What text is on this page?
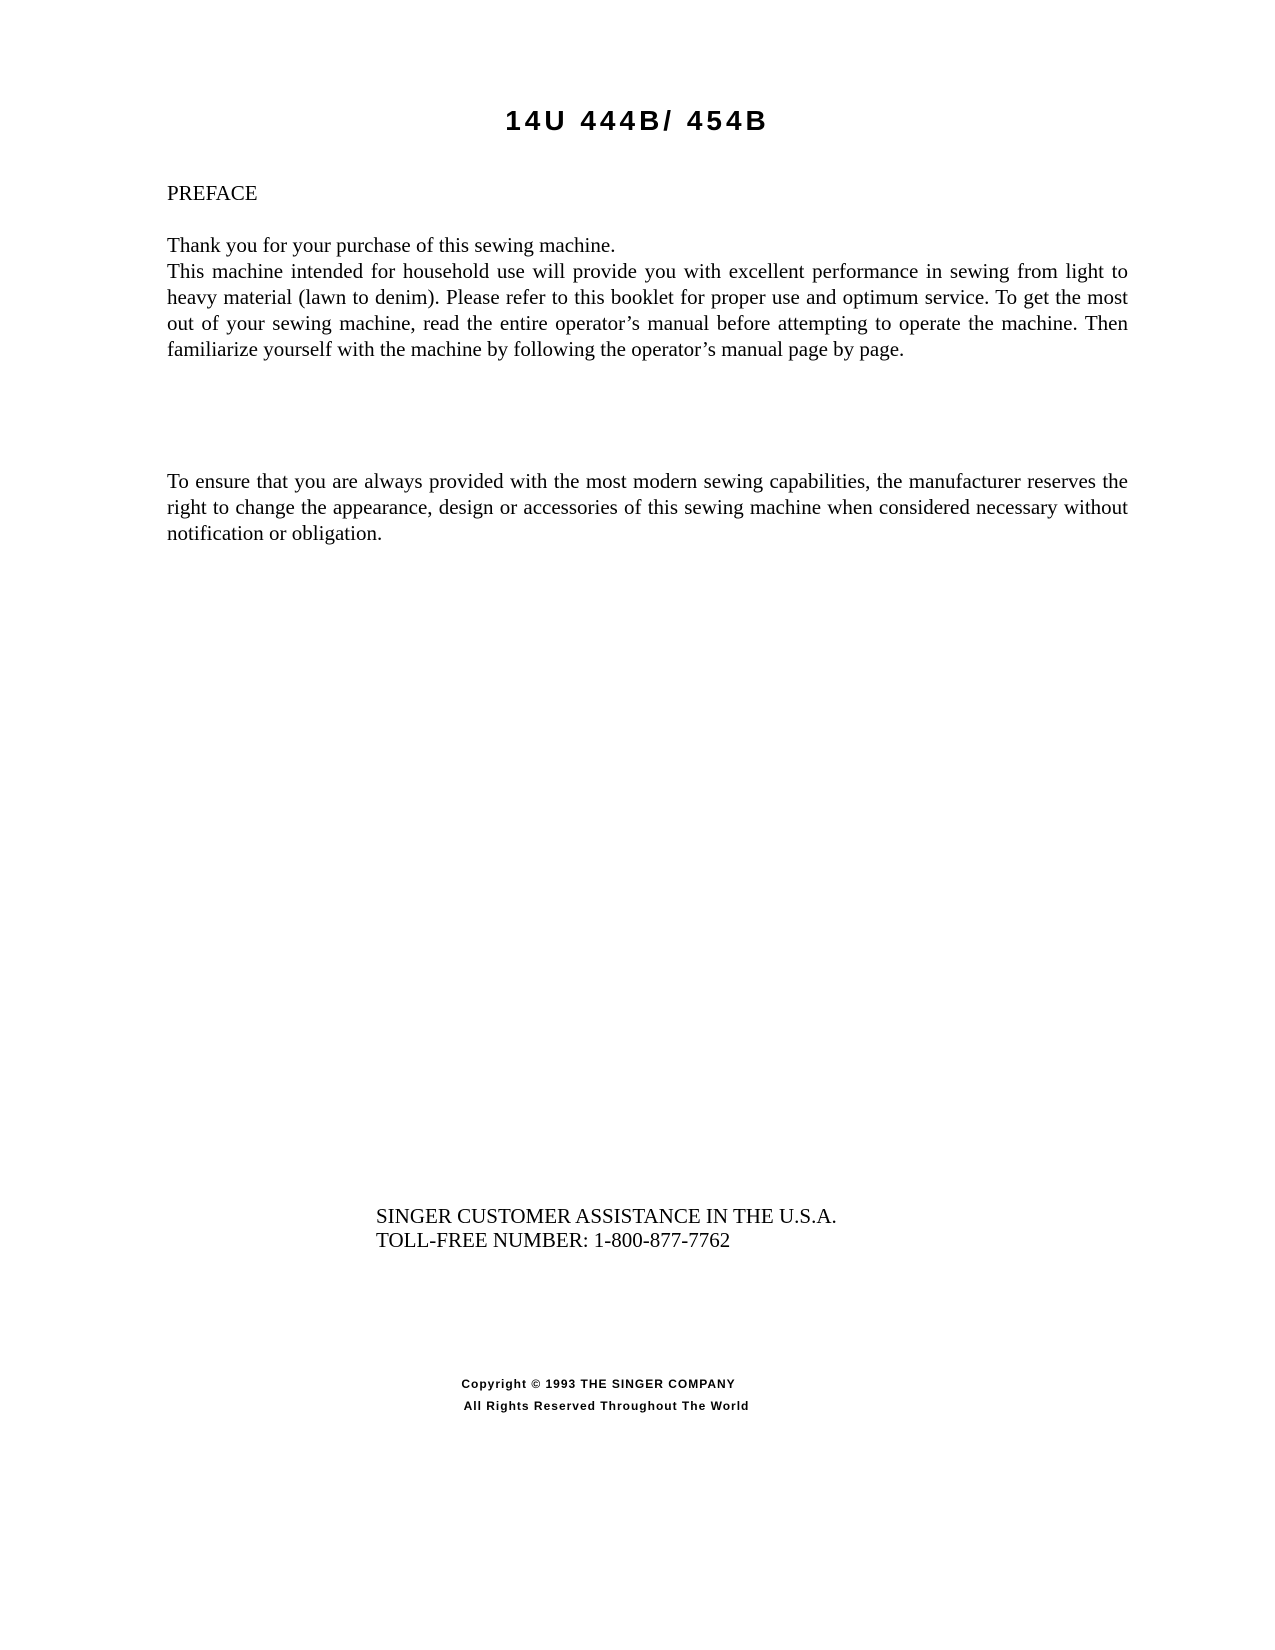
14U 444B/ 454B
PREFACE

Thank you for your purchase of this sewing machine.
This machine intended for household use will provide you with excellent performance in sewing from light to heavy material (lawn to denim). Please refer to this booklet for proper use and optimum service. To get the most out of your sewing machine, read the entire operator’s manual before attempting to operate the machine. Then familiarize yourself with the machine by following the operator’s manual page by page.

To ensure that you are always provided with the most modern sewing capabilities, the manufacturer reserves the right to change the appearance, design or accessories of this sewing machine when considered necessary without notification or obligation.

SINGER CUSTOMER ASSISTANCE IN THE U.S.A.
TOLL-FREE NUMBER: 1-800-877-7762

Copyright © 1993 THE SINGER COMPANY

All Rights Reserved Throughout The World
